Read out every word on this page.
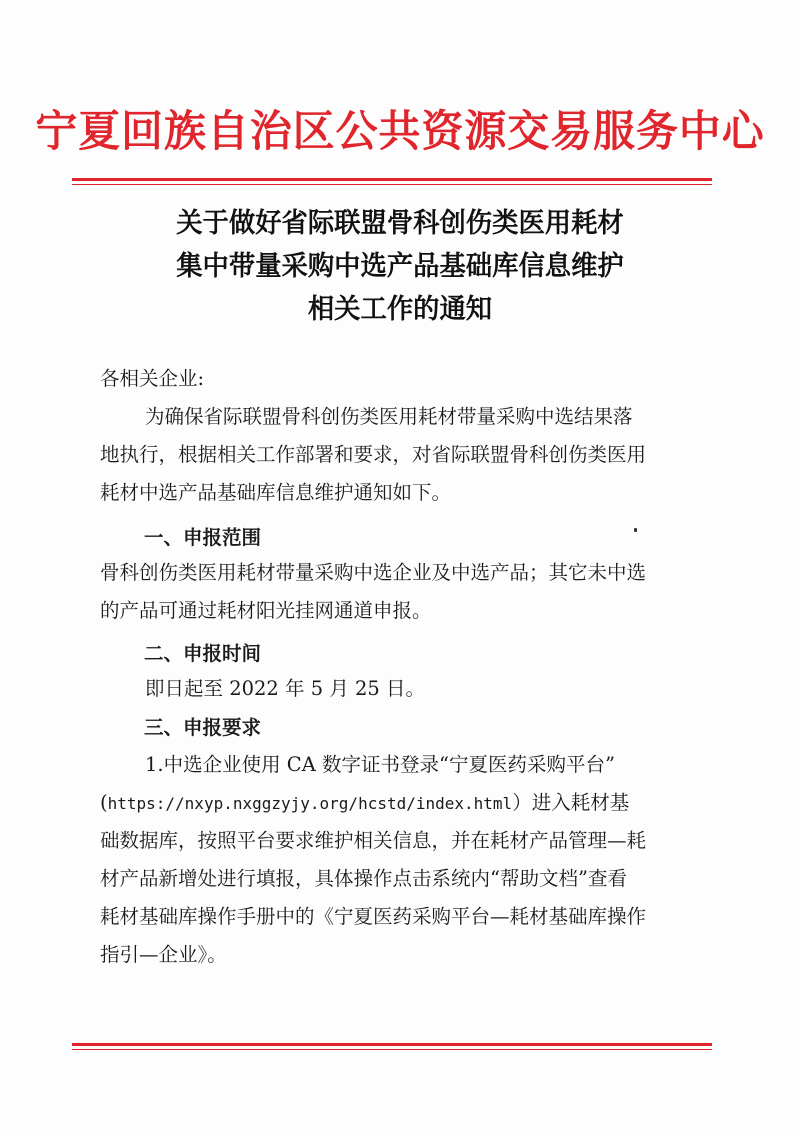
宁夏回族自治区公共资源交易服务中心
关于做好省际联盟骨科创伤类医用耗材
集中带量采购中选产品基础库信息维护
相关工作的通知
各相关企业:
为确保省际联盟骨科创伤类医用耗材带量采购中选结果落
地执行，根据相关工作部署和要求，对省际联盟骨科创伤类医用
耗材中选产品基础库信息维护通知如下。
一、申报范围
骨科创伤类医用耗材带量采购中选企业及中选产品；其它未中选
的产品可通过耗材阳光挂网通道申报。
二、申报时间
即日起至 2022 年 5 月 25 日。
三、申报要求
1.中选企业使用 CA 数字证书登录“宁夏医药采购平台”
(https://nxyp.nxggzyjy.org/hcstd/index.html）进入耗材基
础数据库，按照平台要求维护相关信息，并在耗材产品管理—耗
材产品新增处进行填报，具体操作点击系统内“帮助文档”查看
耗材基础库操作手册中的《宁夏医药采购平台—耗材基础库操作
指引—企业》。
